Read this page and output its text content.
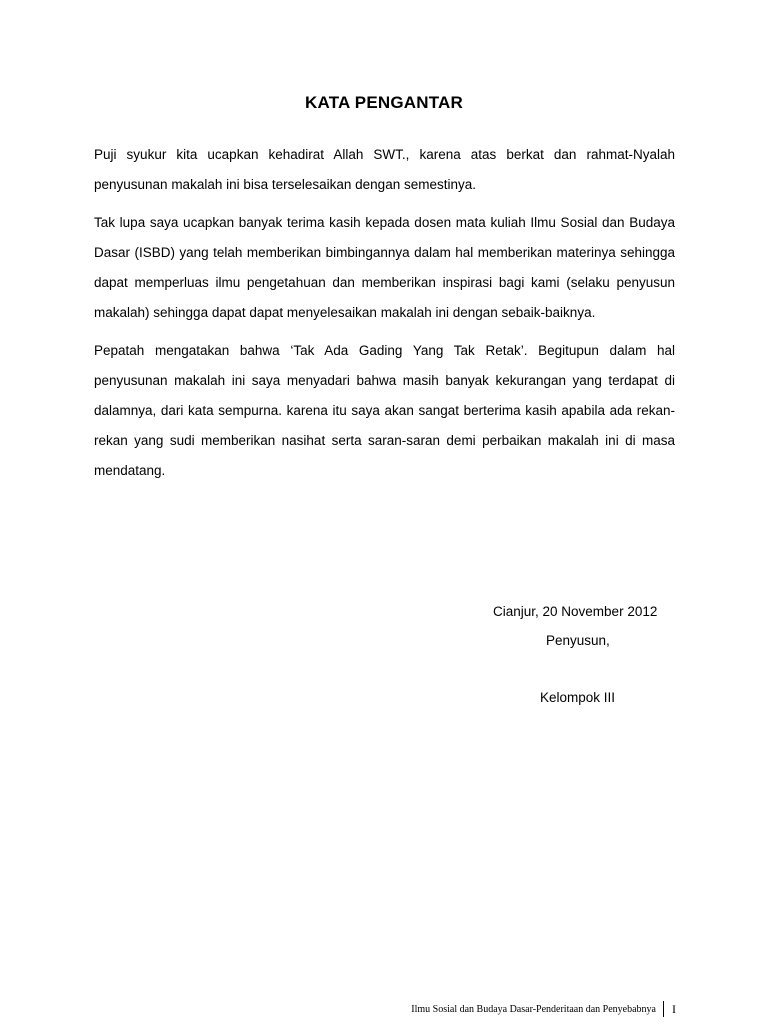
KATA PENGANTAR

Puji syukur kita ucapkan kehadirat Allah SWT., karena atas berkat dan rahmat-Nyalah penyusunan makalah ini bisa terselesaikan dengan semestinya.

Tak lupa saya ucapkan banyak terima kasih kepada dosen mata kuliah Ilmu Sosial dan Budaya Dasar (ISBD) yang telah memberikan bimbingannya dalam hal memberikan materinya sehingga dapat memperluas ilmu pengetahuan dan memberikan inspirasi bagi kami (selaku penyusun makalah) sehingga dapat dapat menyelesaikan makalah ini dengan sebaik-baiknya.

Pepatah mengatakan bahwa ‘Tak Ada Gading Yang Tak Retak’. Begitupun dalam hal penyusunan makalah ini saya menyadari bahwa masih banyak kekurangan yang terdapat di dalamnya, dari kata sempurna. karena itu saya akan sangat berterima kasih apabila ada rekan-rekan yang sudi memberikan nasihat serta saran-saran demi perbaikan makalah ini di masa mendatang.

Cianjur, 20 November 2012
Penyusun,
Kelompok III
Ilmu Sosial dan Budaya Dasar-Penderitaan dan Penyebabnya I
